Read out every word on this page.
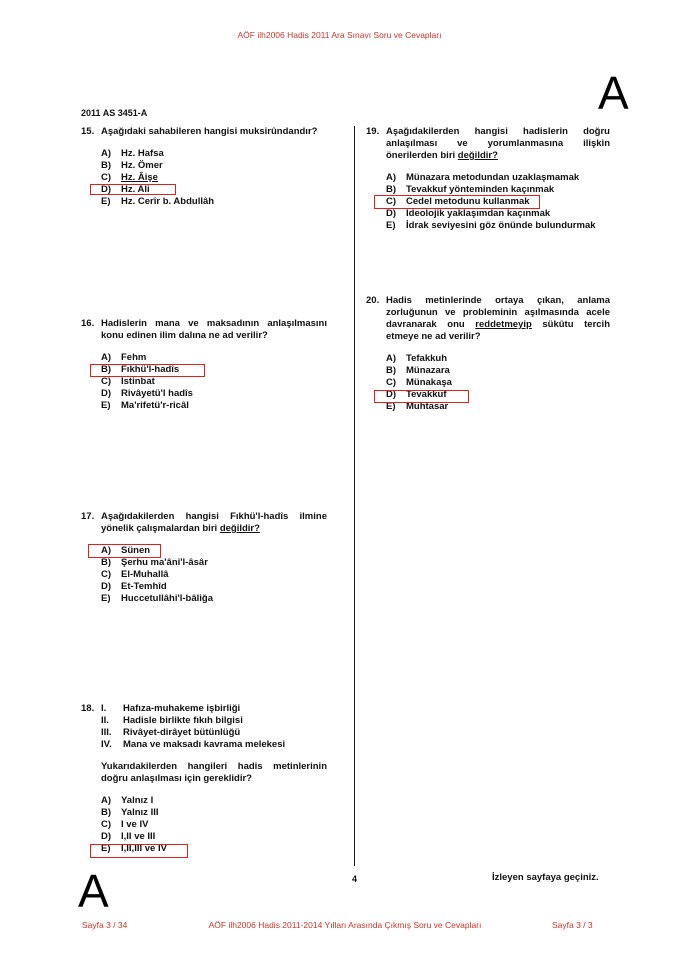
AÖF ilh2006 Hadis 2011 Ara Sınavı Soru ve Cevapları
A
2011 AS 3451-A
15. Aşağıdaki sahabileren hangisi muksirûndandır?
A) Hz. Hafsa
B) Hz. Ömer
C) Hz. Âişe
D) Hz. Ali
E) Hz. Cerîr b. Abdullâh
16. Hadislerin mana ve maksadının anlaşılmasını konu edinen ilim dalına ne ad verilir?
A) Fehm
B) Fıkhü'l-hadîs
C) İstinbat
D) Rivâyetü'l hadîs
E) Ma'rifetü'r-ricâl
17. Aşağıdakilerden hangisi Fıkhü'l-hadîs ilmine yönelik çalışmalardan biri değildir?
A) Sünen
B) Şerhu ma'âni'l-âsâr
C) El-Muhallâ
D) Et-Temhîd
E) Huccetullâhi'l-bâliğa
18. I. Hafıza-muhakeme işbirliği
II. Hadisle birlikte fıkıh bilgisi
III. Rivâyet-dirâyet bütünlüğü
IV. Mana ve maksadı kavrama melekesi
Yukarıdakilerden hangileri hadis metinlerinin doğru anlaşılması için gereklidir?
A) Yalnız I
B) Yalnız III
C) I ve IV
D) I,II ve III
E) I,II,III ve IV
19. Aşağıdakilerden hangisi hadislerin doğru anlaşılması ve yorumlanmasına ilişkin önerilerden biri değildir?
A) Münazara metodundan uzaklaşmamak
B) Tevakkuf yönteminden kaçınmak
C) Cedel metodunu kullanmak
D) İdeolojik yaklaşımdan kaçınmak
E) İdrak seviyesini göz önünde bulundurmak
20. Hadis metinlerinde ortaya çıkan, anlama zorluğunun ve probleminin aşılmasında acele davranarak onu reddetmeyip sükûtu tercih etmeye ne ad verilir?
A) Tefakkuh
B) Münazara
C) Münakaşa
D) Tevakkuf
E) Muhtasar
A	4	İzleyen sayfaya geçiniz.
Sayfa 3 / 34	AÖF ilh2006 Hadis 2011-2014 Yılları Arasında Çıkmış Soru ve Cevapları	Sayfa 3 / 3
